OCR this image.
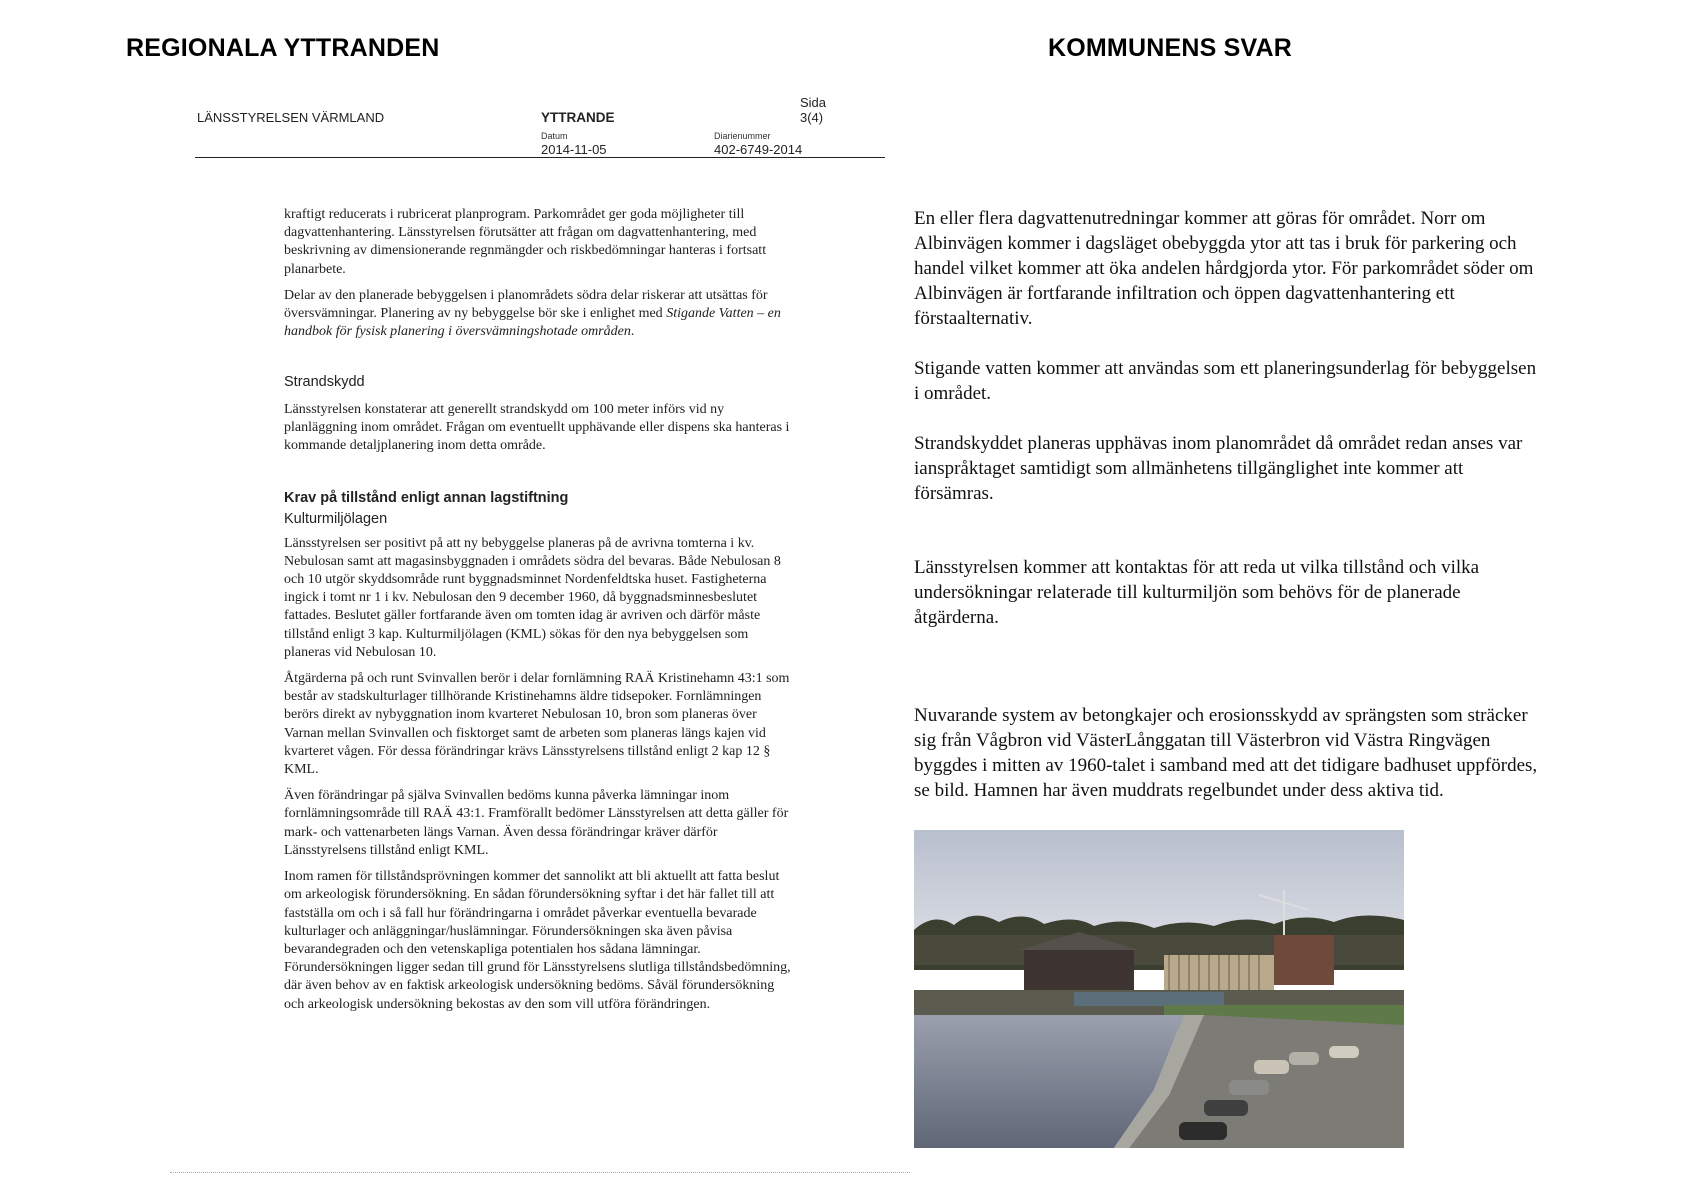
REGIONALA YTTRANDEN	KOMMUNENS SVAR
LÄNSSTYRELSEN VÄRMLAND	YTTRANDE
Sida
3(4)
Datum
2014-11-05
Diarienummer
402-6749-2014

kraftigt reducerats i rubricerat planprogram. Parkområdet ger goda möjligheter till dagvattenhantering. Länsstyrelsen förutsätter att frågan om dagvattenhantering, med beskrivning av dimensionerande regnmängder och riskbedömningar hanteras i fortsatt planarbete.

Delar av den planerade bebyggelsen i planområdets södra delar riskerar att utsättas för översvämningar. Planering av ny bebyggelse bör ske i enlighet med Stigande Vatten – en handbok för fysisk planering i översvämningshotade områden.

Strandskydd

Länsstyrelsen konstaterar att generellt strandskydd om 100 meter införs vid ny planläggning inom området. Frågan om eventuellt upphävande eller dispens ska hanteras i kommande detaljplanering inom detta område.

Krav på tillstånd enligt annan lagstiftning
Kulturmiljölagen

Länsstyrelsen ser positivt på att ny bebyggelse planeras på de avrivna tomterna i kv. Nebulosan samt att magasinsbyggnaden i områdets södra del bevaras. Både Nebulosan 8 och 10 utgör skyddsområde runt byggnadsminnet Nordenfeldtska huset. Fastigheterna ingick i tomt nr 1 i kv. Nebulosan den 9 december 1960, då byggnadsminnesbeslutet fattades. Beslutet gäller fortfarande även om tomten idag är avriven och därför måste tillstånd enligt 3 kap. Kulturmiljölagen (KML) sökas för den nya bebyggelsen som planeras vid Nebulosan 10.

Åtgärderna på och runt Svinvallen berör i delar fornlämning RAÄ Kristinehamn 43:1 som består av stadskulturlager tillhörande Kristinehamns äldre tidsepoker. Fornlämningen berörs direkt av nybyggnation inom kvarteret Nebulosan 10, bron som planeras över Varnan mellan Svinvallen och fisktorget samt de arbeten som planeras längs kajen vid kvarteret vågen. För dessa förändringar krävs Länsstyrelsens tillstånd enligt 2 kap 12 § KML.

Även förändringar på själva Svinvallen bedöms kunna påverka lämningar inom fornlämningsområde till RAÄ 43:1. Framförallt bedömer Länsstyrelsen att detta gäller för mark- och vattenarbeten längs Varnan. Även dessa förändringar kräver därför Länsstyrelsens tillstånd enligt KML.

Inom ramen för tillståndsprövningen kommer det sannolikt att bli aktuellt att fatta beslut om arkeologisk förundersökning. En sådan förundersökning syftar i det här fallet till att fastställa om och i så fall hur förändringarna i området påverkar eventuella bevarade kulturlager och anläggningar/huslämningar. Förundersökningen ska även påvisa bevarandegraden och den vetenskapliga potentialen hos sådana lämningar. Förundersökningen ligger sedan till grund för Länsstyrelsens slutliga tillståndsbedömning, där även behov av en faktisk arkeologisk undersökning bedöms. Såväl förundersökning och arkeologisk undersökning bekostas av den som vill utföra förändringen.

En eller flera dagvattenutredningar kommer att göras för området. Norr om Albinvägen kommer i dagsläget obebyggda ytor att tas i bruk för parkering och handel vilket kommer att öka andelen hårdgjorda ytor. För parkområdet söder om Albinvägen är fortfarande infiltration och öppen dagvattenhantering ett förstaalternativ.

Stigande vatten kommer att användas som ett planeringsunderlag för bebyggelsen i området.

Strandskyddet planeras upphävas inom planområdet då området redan anses var ianspråktaget samtidigt som allmänhetens tillgänglighet inte kommer att försämras.

Länsstyrelsen kommer att kontaktas för att reda ut vilka tillstånd och vilka undersökningar relaterade till kulturmiljön som behövs för de planerade åtgärderna.

Nuvarande system av betongkajer och erosionsskydd av sprängsten som sträcker sig från Vågbron vid VästerLånggatan till Västerbron vid Västra Ringvägen byggdes i mitten av 1960-talet i samband med att det tidigare badhuset uppfördes, se bild. Hamnen har även muddrats regelbundet under dess aktiva tid.
